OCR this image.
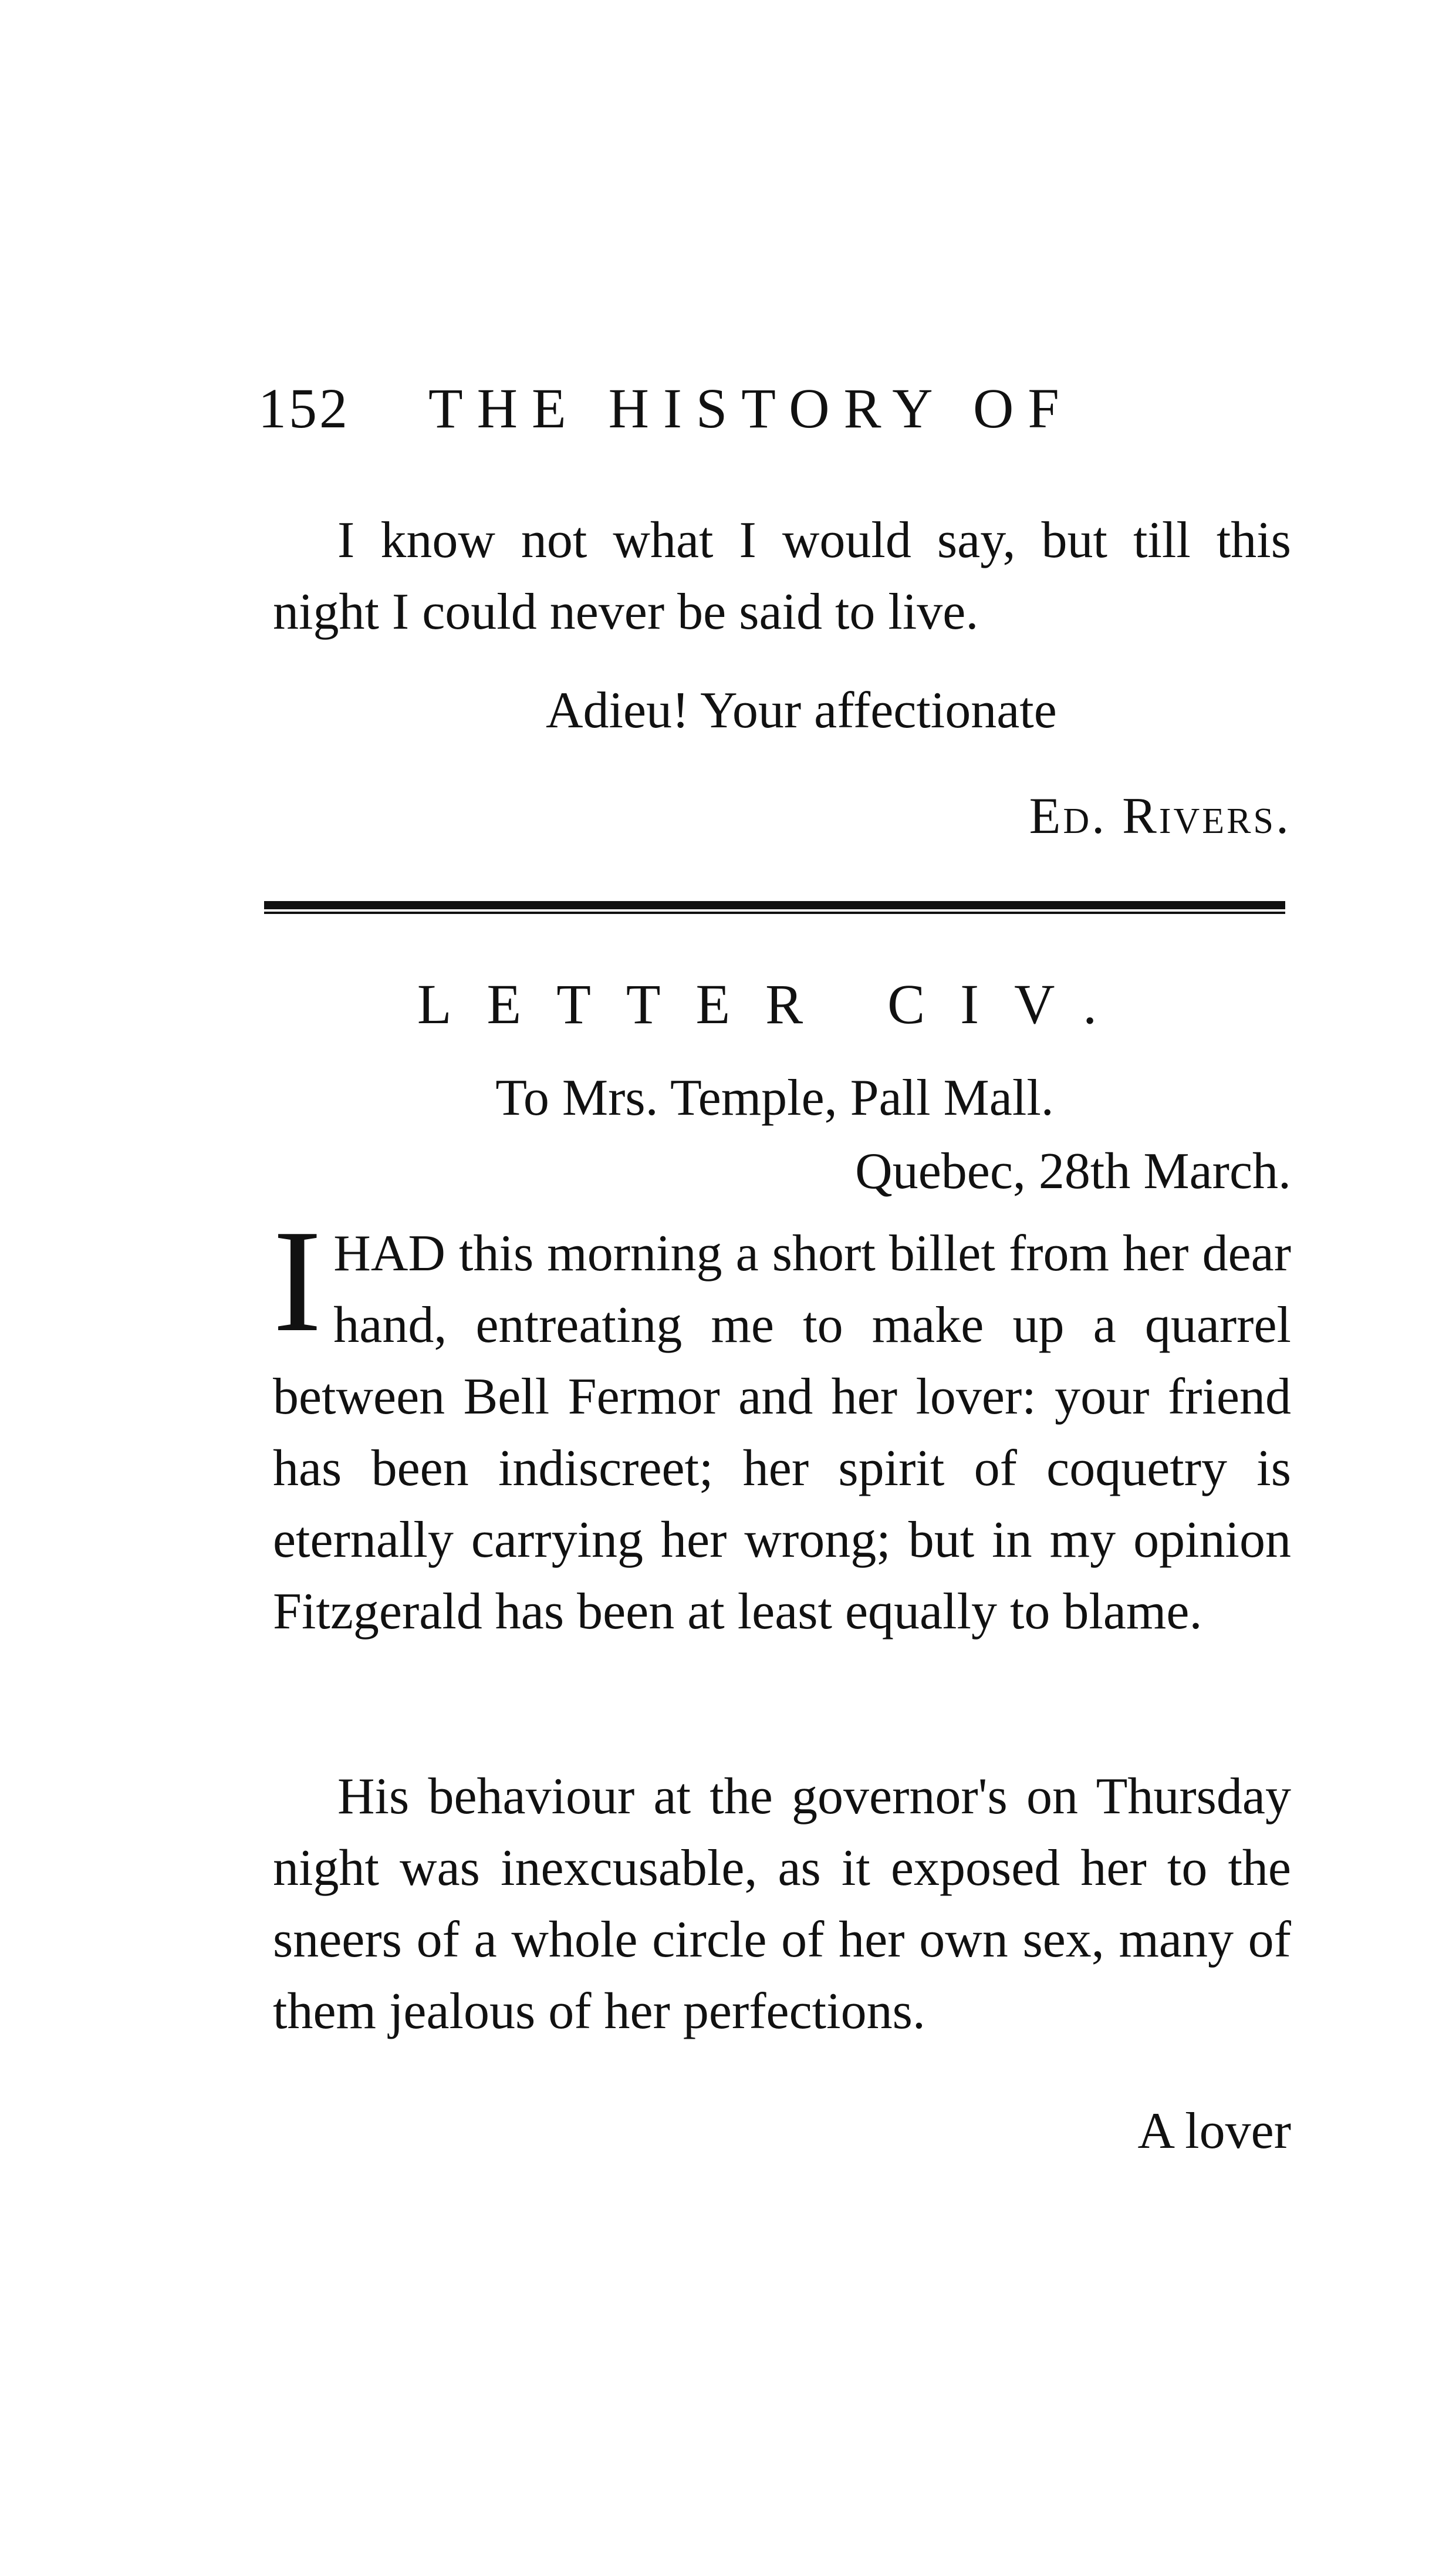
152 THE HISTORY OF

I know not what I would say, but till this night I could never be said to live.

Adieu! Your affectionate
Ed. Rivers.
LETTER CIV.
To Mrs. Temple, Pall Mall.
Quebec, 28th March.
I HAD this morning a short billet from her dear hand, entreating me to make up a quarrel between Bell Fermor and her lover: your friend has been indiscreet; her spirit of coquetry is eternally carrying her wrong; but in my opinion Fitzgerald has been at least equally to blame.

His behaviour at the governor's on Thursday night was inexcusable, as it exposed her to the sneers of a whole circle of her own sex, many of them jealous of her perfections.

A lover
